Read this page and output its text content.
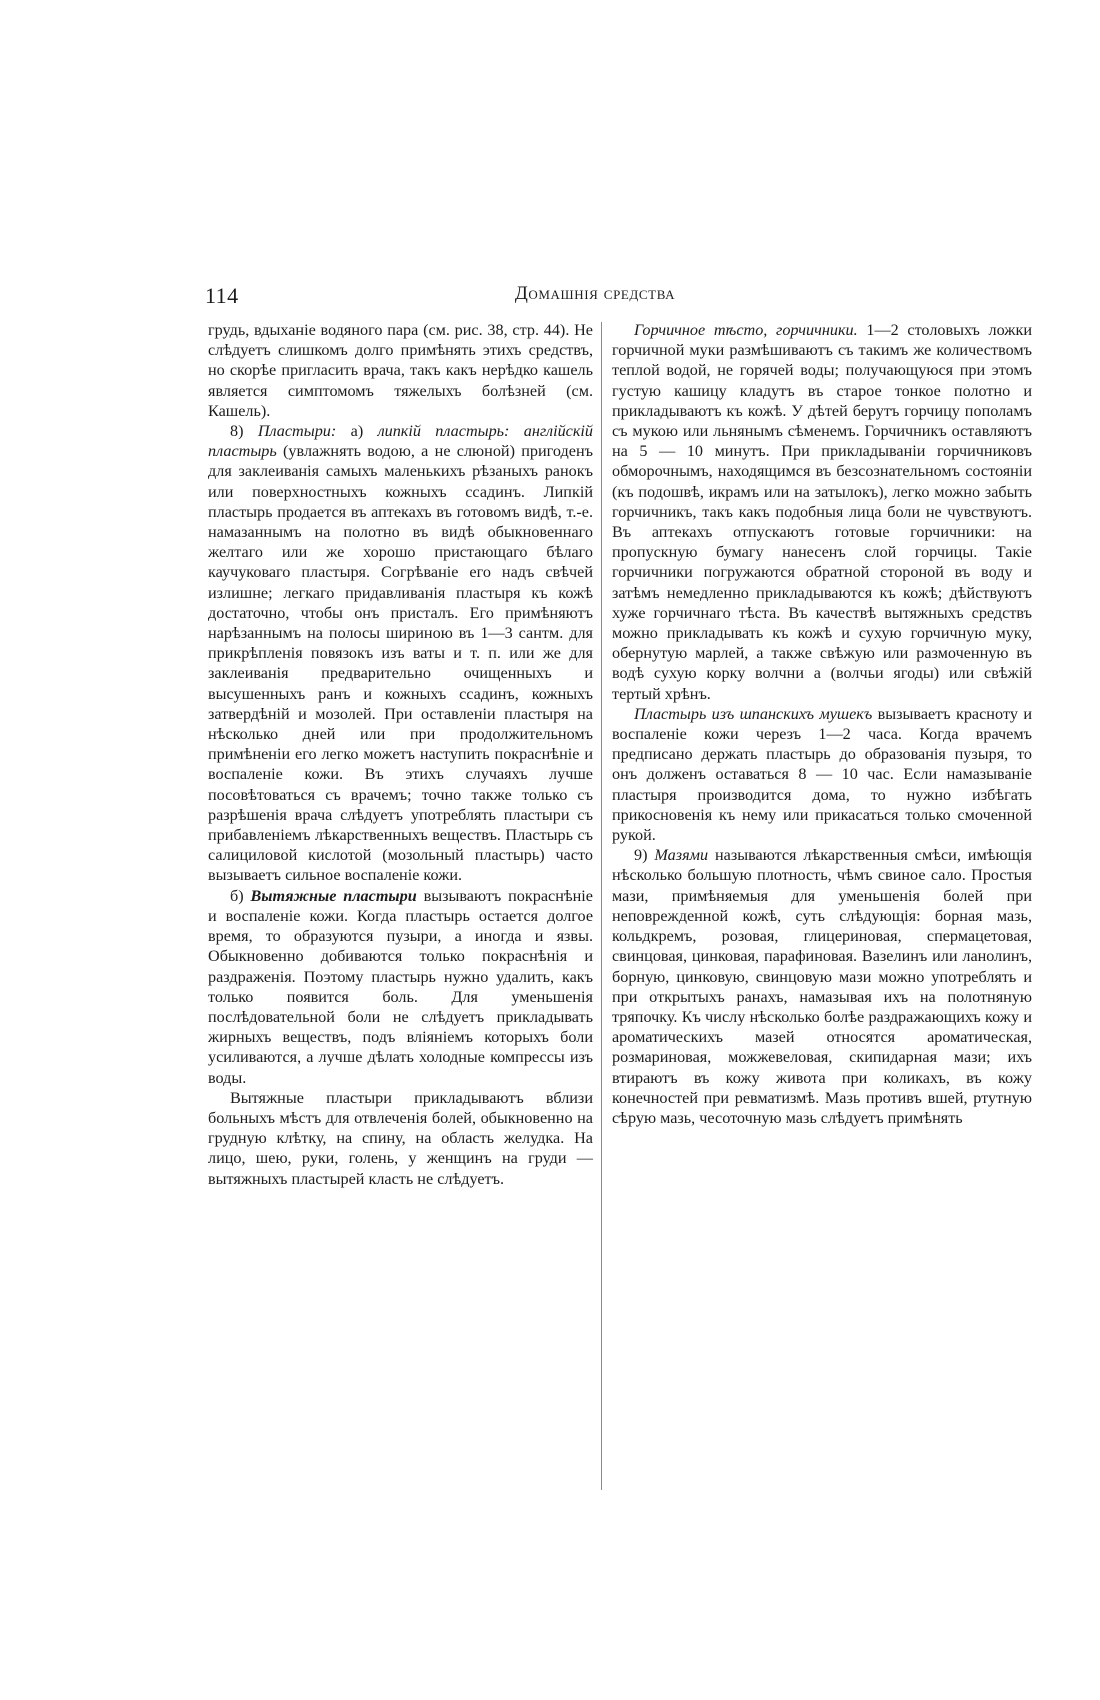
114	Домашнія средства

грудь, вдыханіе водяного пара (см. рис. 38, стр. 44). Не слѣдуетъ слишкомъ долго примѣнять этихъ средствъ, но скорѣе пригласить врача, такъ какъ нерѣдко кашель является симптомомъ тяжелыхъ болѣзней (см. Кашель).

8) Пластыри: а) липкій пластырь: англійскій пластырь (увлажнять водою, а не слюной) пригоденъ для заклеиванія самыхъ маленькихъ рѣзаныхъ ранокъ или поверхностныхъ кожныхъ ссадинъ. Липкій пластырь продается въ аптекахъ въ готовомъ видѣ, т.-е. намазаннымъ на полотно въ видѣ обыкновеннаго желтаго или же хорошо пристающаго бѣлаго каучуковаго пластыря. Согрѣваніе его надъ свѣчей излишне; легкаго придавливанія пластыря къ кожѣ достаточно, чтобы онъ присталъ. Его примѣняютъ нарѣзаннымъ на полосы шириною въ 1—3 сантм. для прикрѣпленія повязокъ изъ ваты и т. п. или же для заклеиванія предварительно очищенныхъ и высушенныхъ ранъ и кожныхъ ссадинъ, кожныхъ затвердѣній и мозолей. При оставленіи пластыря на нѣсколько дней или при продолжительномъ примѣненіи его легко можетъ наступить покраснѣніе и воспаленіе кожи. Въ этихъ случаяхъ лучше посовѣтоваться съ врачемъ; точно также только съ разрѣшенія врача слѣдуетъ употреблять пластыри съ прибавленіемъ лѣкарственныхъ веществъ. Пластырь съ салициловой кислотой (мозольный пластырь) часто вызываетъ сильное воспаленіе кожи.

б) Вытяжные пластыри вызываютъ покраснѣніе и воспаленіе кожи. Когда пластырь остается долгое время, то образуются пузыри, а иногда и язвы. Обыкновенно добиваются только покраснѣнія и раздраженія. Поэтому пластырь нужно удалить, какъ только появится боль. Для уменьшенія послѣдовательной боли не слѣдуетъ прикладывать жирныхъ веществъ, подъ вліяніемъ которыхъ боли усиливаются, а лучше дѣлать холодные компрессы изъ воды.

Вытяжные пластыри прикладываютъ вблизи больныхъ мѣстъ для отвлеченія болей, обыкновенно на грудную клѣтку, на спину, на область желудка. На лицо, шею, руки, голень, у женщинъ на груди — вытяжныхъ пластырей класть не слѣдуетъ.

Горчичное тѣсто, горчичники. 1—2 столовыхъ ложки горчичной муки размѣшиваютъ съ такимъ же количествомъ теплой водой, не горячей воды; получающуюся при этомъ густую кашицу кладутъ въ старое тонкое полотно и прикладываютъ къ кожѣ. У дѣтей берутъ горчицу пополамъ съ мукою или льнянымъ сѣменемъ. Горчичникъ оставляютъ на 5 — 10 минутъ. При прикладываніи горчичниковъ обморочнымъ, находящимся въ безсознательномъ состояніи (къ подошвѣ, икрамъ или на затылокъ), легко можно забыть горчичникъ, такъ какъ подобныя лица боли не чувствуютъ. Въ аптекахъ отпускаютъ готовые горчичники: на пропускную бумагу нанесенъ слой горчицы. Такіе горчичники погружаются обратной стороной въ воду и затѣмъ немедленно прикладываются къ кожѣ; дѣйствуютъ хуже горчичнаго тѣста. Въ качествѣ вытяжныхъ средствъ можно прикладывать къ кожѣ и сухую горчичную муку, обернутую марлей, а также свѣжую или размоченную въ водѣ сухую корку волчни а (волчьи ягоды) или свѣжій тертый хрѣнъ.

Пластырь изъ шпанскихъ мушекъ вызываетъ краснoту и воспаленіе кожи черезъ 1—2 часа. Когда врачемъ предписано держать пластырь до образованія пузыря, то онъ долженъ оставаться 8 — 10 час. Если намазываніе пластыря производится дома, то нужно избѣгать прикосновенія къ нему или прикасаться только смоченной рукой.

9) Мазями называются лѣкарственныя смѣси, имѣющія нѣсколько большую плотность, чѣмъ свиное сало. Простыя мази, примѣняемыя для уменьшенія болей при неповрежденной кожѣ, суть слѣдующія: борная мазь, кольдкремъ, розовая, глицериновая, спермацетовая, свинцовая, цинковая, парафиновая. Вазелинъ или ланолинъ, борную, цинковую, свинцовую мази можно употреблять и при открытыхъ ранахъ, намазывая ихъ на полотняную тряпочку. Къ числу нѣсколько болѣе раздражающихъ кожу и ароматическихъ мазей относятся ароматическая, розмариновая, можжевеловая, скипидарная мази; ихъ втираютъ въ кожу живота при коликахъ, въ кожу конечностей при ревматизмѣ. Мазь противъ вшей, ртутную сѣрую мазь, чесоточную мазь слѣдуетъ примѣнять
